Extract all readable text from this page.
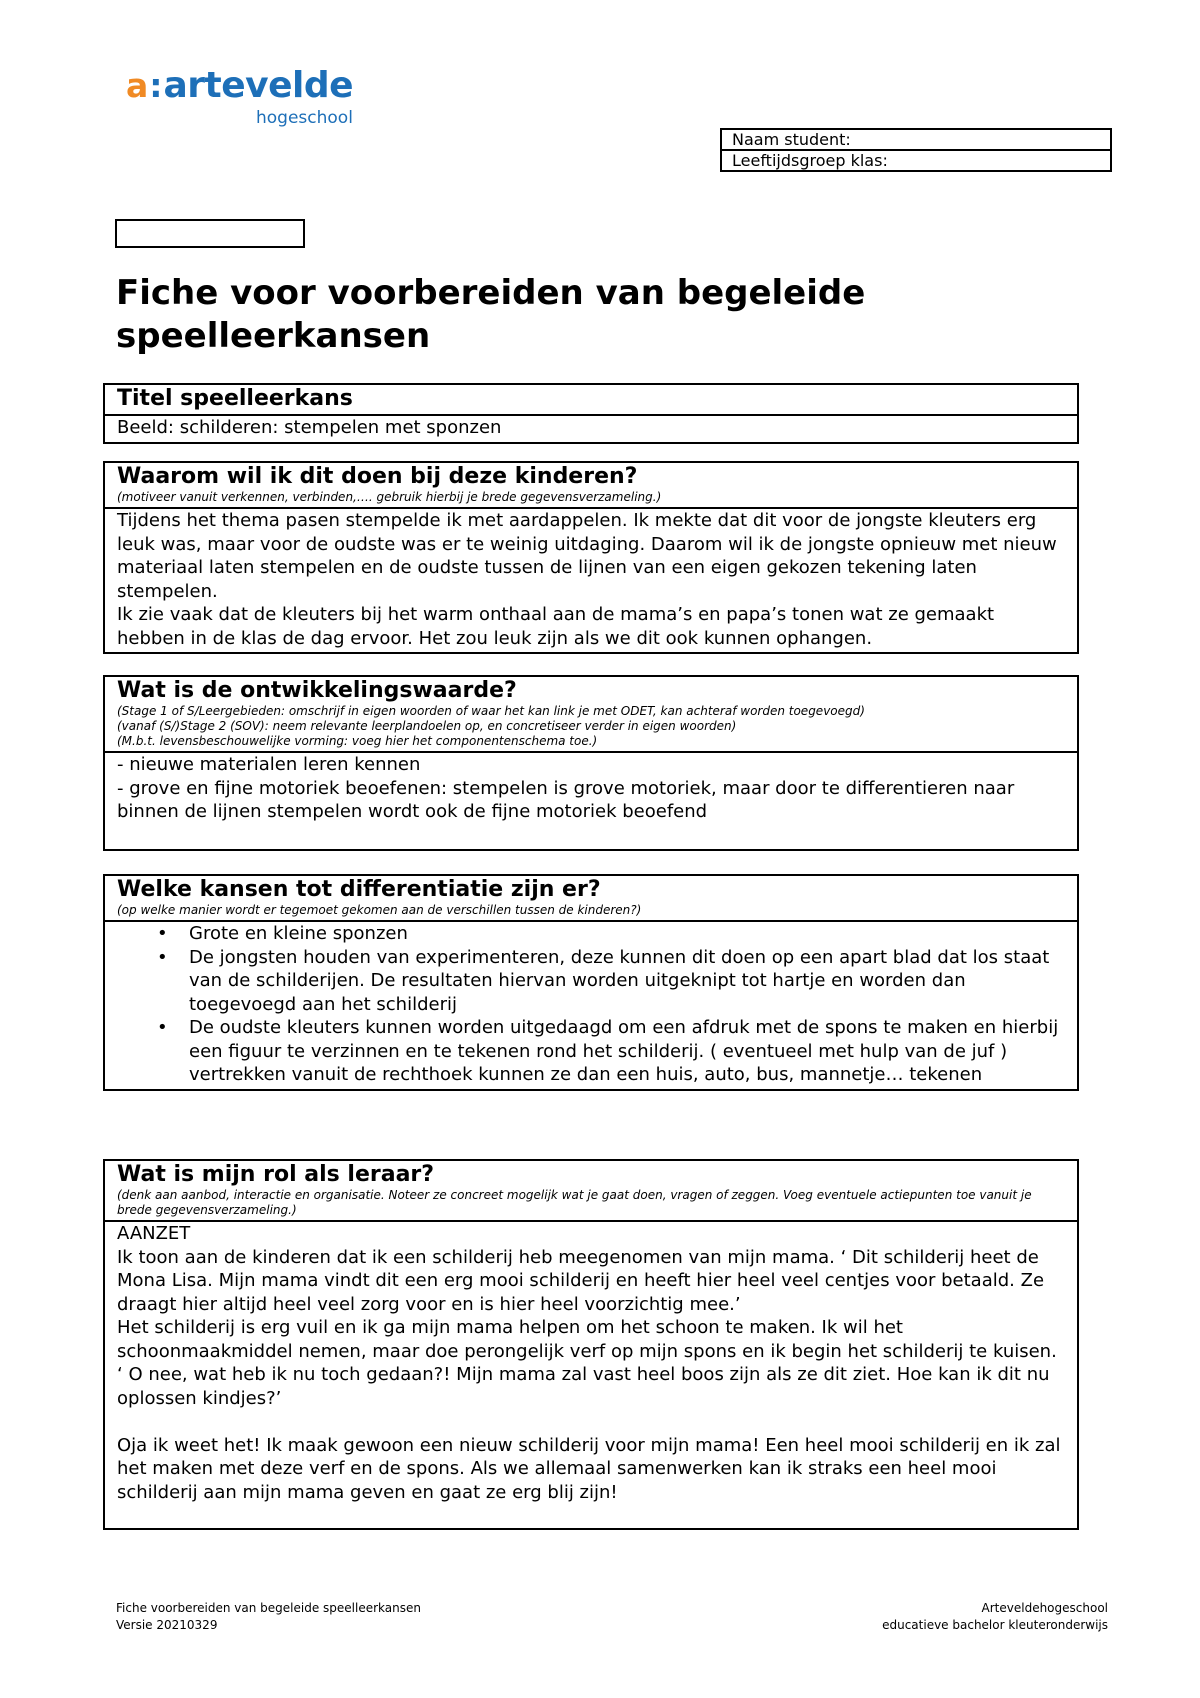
a : artevelde
hogeschool
Naam student:
Leeftijdsgroep klas:
Fiche voor voorbereiden van begeleide speelleerkansen
Titel speelleerkans

Beeld: schilderen: stempelen met sponzen

Waarom wil ik dit doen bij deze kinderen?
(motiveer vanuit verkennen, verbinden,…. gebruik hierbij je brede gegevensverzameling.)

Tijdens het thema pasen stempelde ik met aardappelen. Ik mekte dat dit voor de jongste kleuters erg leuk was, maar voor de oudste was er te weinig uitdaging. Daarom wil ik de jongste opnieuw met nieuw materiaal laten stempelen en de oudste tussen de lijnen van een eigen gekozen tekening laten stempelen.

Ik zie vaak dat de kleuters bij het warm onthaal aan de mama’s en papa’s tonen wat ze gemaakt hebben in de klas de dag ervoor. Het zou leuk zijn als we dit ook kunnen ophangen.

Wat is de ontwikkelingswaarde?
(Stage 1 of S/Leergebieden: omschrijf in eigen woorden of waar het kan link je met ODET, kan achteraf worden toegevoegd)
(vanaf (S/)Stage 2 (SOV): neem relevante leerplandoelen op, en concretiseer verder in eigen woorden)
(M.b.t. levensbeschouwelijke vorming: voeg hier het componentenschema toe.)

- nieuwe materialen leren kennen

- grove en fijne motoriek beoefenen: stempelen is grove motoriek, maar door te differentieren naar binnen de lijnen stempelen wordt ook de fijne motoriek beoefend

Welke kansen tot differentiatie zijn er?
(op welke manier wordt er tegemoet gekomen aan de verschillen tussen de kinderen?)
• Grote en kleine sponzen
• De jongsten houden van experimenteren, deze kunnen dit doen op een apart blad dat los staat van de schilderijen. De resultaten hiervan worden uitgeknipt tot hartje en worden dan toegevoegd aan het schilderij
• De oudste kleuters kunnen worden uitgedaagd om een afdruk met de spons te maken en hierbij een figuur te verzinnen en te tekenen rond het schilderij. ( eventueel met hulp van de juf ) vertrekken vanuit de rechthoek kunnen ze dan een huis, auto, bus, mannetje… tekenen
Wat is mijn rol als leraar?
(denk aan aanbod, interactie en organisatie. Noteer ze concreet mogelijk wat je gaat doen, vragen of zeggen. Voeg eventuele actiepunten toe vanuit je brede gegevensverzameling.)

AANZET

Ik toon aan de kinderen dat ik een schilderij heb meegenomen van mijn mama. ‘ Dit schilderij heet de Mona Lisa. Mijn mama vindt dit een erg mooi schilderij en heeft hier heel veel centjes voor betaald. Ze draagt hier altijd heel veel zorg voor en is hier heel voorzichtig mee.’

Het schilderij is erg vuil en ik ga mijn mama helpen om het schoon te maken. Ik wil het schoonmaakmiddel nemen, maar doe perongelijk verf op mijn spons en ik begin het schilderij te kuisen. ‘ O nee, wat heb ik nu toch gedaan?! Mijn mama zal vast heel boos zijn als ze dit ziet. Hoe kan ik dit nu oplossen kindjes?’

Oja ik weet het! Ik maak gewoon een nieuw schilderij voor mijn mama! Een heel mooi schilderij en ik zal het maken met deze verf en de spons. Als we allemaal samenwerken kan ik straks een heel mooi schilderij aan mijn mama geven en gaat ze erg blij zijn!

Fiche voorbereiden van begeleide speelleerkansen
Versie 20210329
Arteveldehogeschool
educatieve bachelor kleuteronderwijs
